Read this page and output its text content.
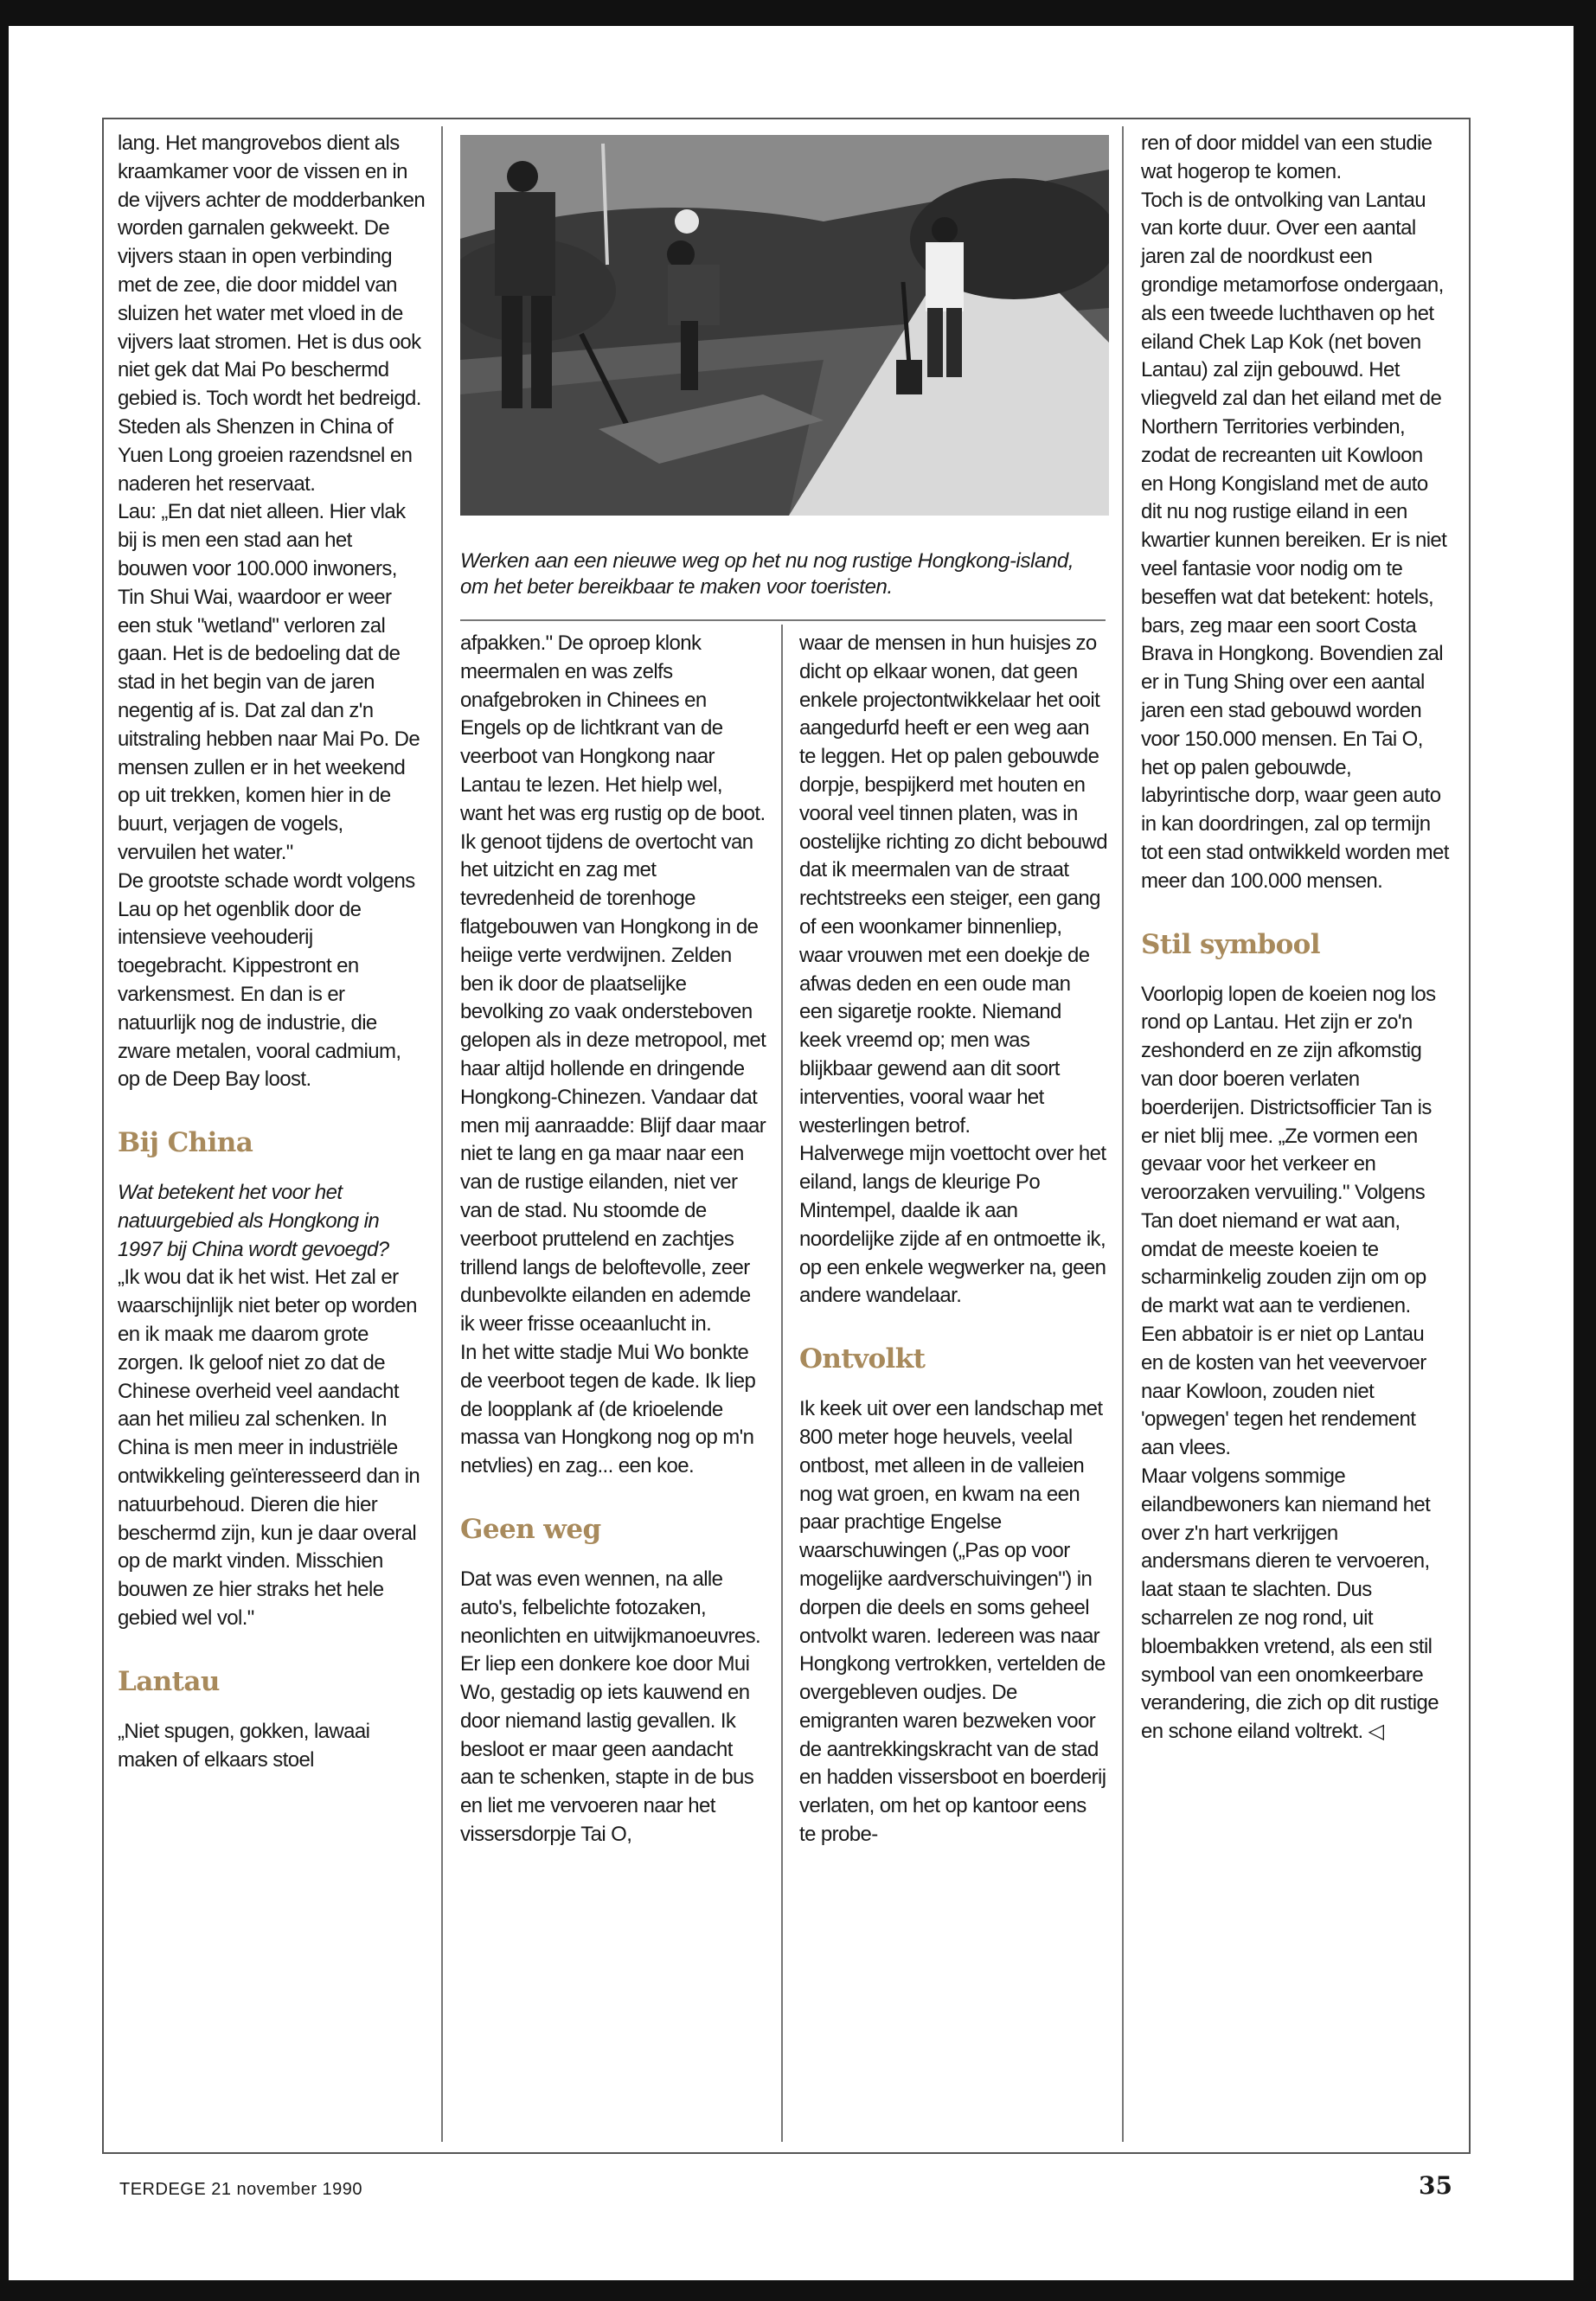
lang. Het mangrovebos dient als kraamkamer voor de vissen en in de vijvers achter de modderbanken worden garnalen gekweekt. De vijvers staan in open verbinding met de zee, die door middel van sluizen het water met vloed in de vijvers laat stromen. Het is dus ook niet gek dat Mai Po beschermd gebied is. Toch wordt het bedreigd. Steden als Shenzen in China of Yuen Long groeien razendsnel en naderen het reservaat.

Lau: „En dat niet alleen. Hier vlak bij is men een stad aan het bouwen voor 100.000 inwoners, Tin Shui Wai, waardoor er weer een stuk "wetland" verloren zal gaan. Het is de bedoeling dat de stad in het begin van de jaren negentig af is. Dat zal dan z'n uitstraling hebben naar Mai Po. De mensen zullen er in het weekend op uit trekken, komen hier in de buurt, verjagen de vogels, vervuilen het water."

De grootste schade wordt volgens Lau op het ogenblik door de intensieve veehouderij toegebracht. Kippestront en varkensmest. En dan is er natuurlijk nog de industrie, die zware metalen, vooral cadmium, op de Deep Bay loost.

Bij China

Wat betekent het voor het natuurgebied als Hongkong in 1997 bij China wordt gevoegd?

„Ik wou dat ik het wist. Het zal er waarschijnlijk niet beter op worden en ik maak me daarom grote zorgen. Ik geloof niet zo dat de Chinese overheid veel aandacht aan het milieu zal schenken. In China is men meer in industriële ontwikkeling geïnteresseerd dan in natuurbehoud. Dieren die hier beschermd zijn, kun je daar overal op de markt vinden. Misschien bouwen ze hier straks het hele gebied wel vol."

Lantau

„Niet spugen, gokken, lawaai maken of elkaars stoel

Werken aan een nieuwe weg op het nu nog rustige Hongkong-island, om het beter bereikbaar te maken voor toeristen.

afpakken." De oproep klonk meermalen en was zelfs onafgebroken in Chinees en Engels op de lichtkrant van de veerboot van Hongkong naar Lantau te lezen. Het hielp wel, want het was erg rustig op de boot. Ik genoot tijdens de overtocht van het uitzicht en zag met tevredenheid de torenhoge flatgebouwen van Hongkong in de heiige verte verdwijnen. Zelden ben ik door de plaatselijke bevolking zo vaak ondersteboven gelopen als in deze metropool, met haar altijd hollende en dringende Hongkong-Chinezen. Vandaar dat men mij aanraadde: Blijf daar maar niet te lang en ga maar naar een van de rustige eilanden, niet ver van de stad. Nu stoomde de veerboot pruttelend en zachtjes trillend langs de beloftevolle, zeer dunbevolkte eilanden en ademde ik weer frisse oceaanlucht in.

In het witte stadje Mui Wo bonkte de veerboot tegen de kade. Ik liep de loopplank af (de krioelende massa van Hongkong nog op m'n netvlies) en zag... een koe.

Geen weg

Dat was even wennen, na alle auto's, felbelichte fotozaken, neonlichten en uitwijkmanoeuvres. Er liep een donkere koe door Mui Wo, gestadig op iets kauwend en door niemand lastig gevallen. Ik besloot er maar geen aandacht aan te schenken, stapte in de bus en liet me vervoeren naar het vissersdorpje Tai O,

waar de mensen in hun huisjes zo dicht op elkaar wonen, dat geen enkele projectontwikkelaar het ooit aangedurfd heeft er een weg aan te leggen. Het op palen gebouwde dorpje, bespijkerd met houten en vooral veel tinnen platen, was in oostelijke richting zo dicht bebouwd dat ik meermalen van de straat rechtstreeks een steiger, een gang of een woonkamer binnenliep, waar vrouwen met een doekje de afwas deden en een oude man een sigaretje rookte. Niemand keek vreemd op; men was blijkbaar gewend aan dit soort interventies, vooral waar het westerlingen betrof.

Halverwege mijn voettocht over het eiland, langs de kleurige Po Mintempel, daalde ik aan noordelijke zijde af en ontmoette ik, op een enkele wegwerker na, geen andere wandelaar.

Ontvolkt

Ik keek uit over een landschap met 800 meter hoge heuvels, veelal ontbost, met alleen in de valleien nog wat groen, en kwam na een paar prachtige Engelse waarschuwingen („Pas op voor mogelijke aardverschuivingen") in dorpen die deels en soms geheel ontvolkt waren. Iedereen was naar Hongkong vertrokken, vertelden de overgebleven oudjes. De emigranten waren bezweken voor de aantrekkingskracht van de stad en hadden vissersboot en boerderij verlaten, om het op kantoor eens te probe-

ren of door middel van een studie wat hogerop te komen.

Toch is de ontvolking van Lantau van korte duur. Over een aantal jaren zal de noordkust een grondige metamorfose ondergaan, als een tweede luchthaven op het eiland Chek Lap Kok (net boven Lantau) zal zijn gebouwd. Het vliegveld zal dan het eiland met de Northern Territories verbinden, zodat de recreanten uit Kowloon en Hong Kongisland met de auto dit nu nog rustige eiland in een kwartier kunnen bereiken. Er is niet veel fantasie voor nodig om te beseffen wat dat betekent: hotels, bars, zeg maar een soort Costa Brava in Hongkong. Bovendien zal er in Tung Shing over een aantal jaren een stad gebouwd worden voor 150.000 mensen. En Tai O, het op palen gebouwde, labyrintische dorp, waar geen auto in kan doordringen, zal op termijn tot een stad ontwikkeld worden met meer dan 100.000 mensen.

Stil symbool

Voorlopig lopen de koeien nog los rond op Lantau. Het zijn er zo'n zeshonderd en ze zijn afkomstig van door boeren verlaten boerderijen. Districtsofficier Tan is er niet blij mee. „Ze vormen een gevaar voor het verkeer en veroorzaken vervuiling." Volgens Tan doet niemand er wat aan, omdat de meeste koeien te scharminkelig zouden zijn om op de markt wat aan te verdienen. Een abbatoir is er niet op Lantau en de kosten van het veevervoer naar Kowloon, zouden niet 'opwegen' tegen het rendement aan vlees.

Maar volgens sommige eilandbewoners kan niemand het over z'n hart verkrijgen andersmans dieren te vervoeren, laat staan te slachten. Dus scharrelen ze nog rond, uit bloembakken vretend, als een stil symbool van een onomkeerbare verandering, die zich op dit rustige en schone eiland voltrekt. ◁

TERDEGE 21 november 1990	35
